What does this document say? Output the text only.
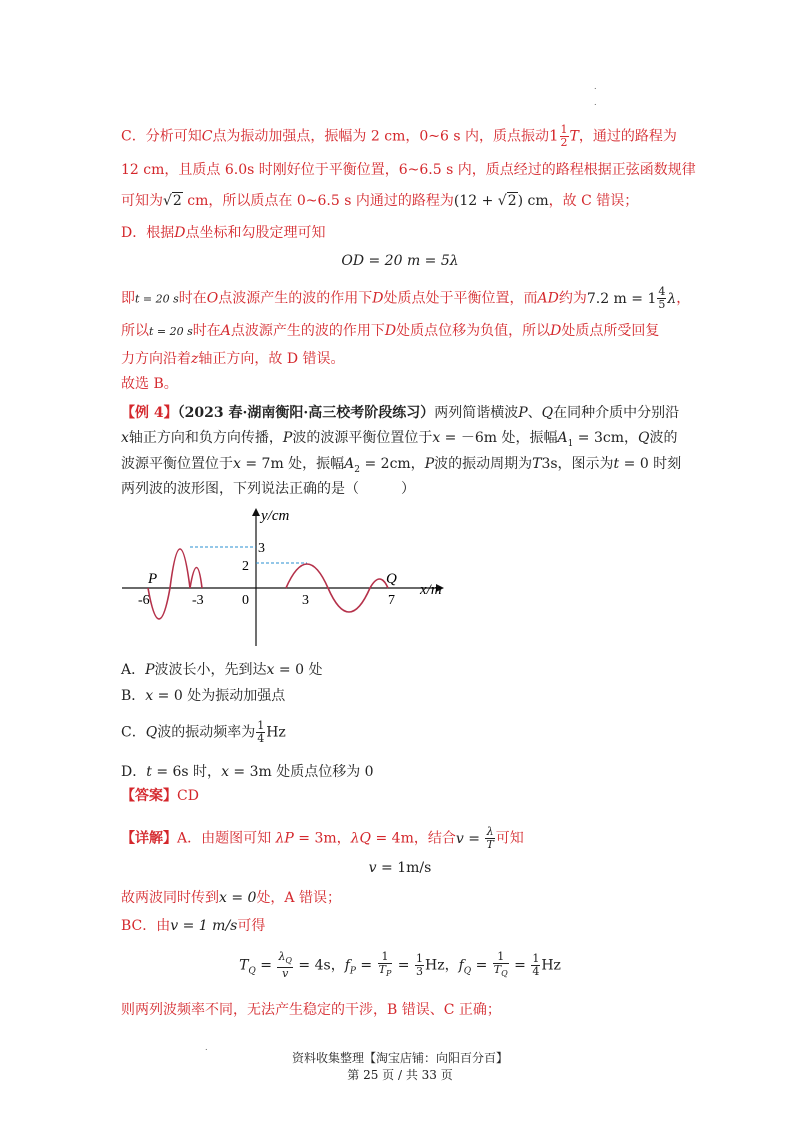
.
.
C．分析可知C点为振动加强点，振幅为 2 cm，0~6 s 内，质点振动$1 \frac{1}{2}$ T，通过的路程为
12 cm，且质点 6.0s 时刚好位于平衡位置，6~6.5 s 内，质点经过的路程根据正弦函数规律
可知为√2 cm，所以质点在 0~6.5 s 内通过的路程为(12 + √2) cm，故 C 错误；
D．根据D点坐标和勾股定理可知
OD = 20 m = 5λ
即t = 20 s时在O点波源产生的波的作用下D处质点处于平衡位置，而AD约为7.2 $m = 1 \frac{4}{5}$ λ，
所以t = 20 s时在A点波源产生的波的作用下D处质点位移为负值，所以D处质点所受回复
力方向沿着z轴正方向，故 D 错误。
故选 B。
【例 4】（2023 春·湖南衡阳·高三校考阶段练习）两列简谐横波P、Q在同种介质中分别沿
x轴正方向和负方向传播，P波的波源平衡位置位于x = －6m 处，振幅$A_1 = 3cm$，Q波的
波源平衡位置位于x = 7m 处，振幅$A_2 = 2cm$，P波的振动周期为T3s，图示为t = 0 时刻
两列波的波形图，下列说法正确的是（　　　）
y/cm
x/m
P	Q
-6	-3	0	3	7
3
2
A．P波波长小，先到达x = 0 处
B．x = 0 处为振动加强点
C．Q波的振动频率为 $\frac{1}{4}$ Hz
D．t = 6s 时，x = 3m 处质点位移为 0
【答案】CD
【详解】A．由题图可知 λP = 3m，λQ = 4m，结合$v = \frac{\lambda}{T}$ 可知
v = 1m/s
故两波同时传到x = 0处，A 错误；
BC．由v = 1 m/s可得
$T_Q = \frac{\lambda_Q}{v} = 4s$，$f_P = \frac{1}{T_P} = \frac{1}{3}$ Hz，$f_Q = \frac{1}{T_Q} = \frac{1}{4}$ Hz
则两列波频率不同，无法产生稳定的干涉，B 错误、C 正确；
.
资料收集整理【淘宝店铺：向阳百分百】
第 25 页 / 共 33 页
